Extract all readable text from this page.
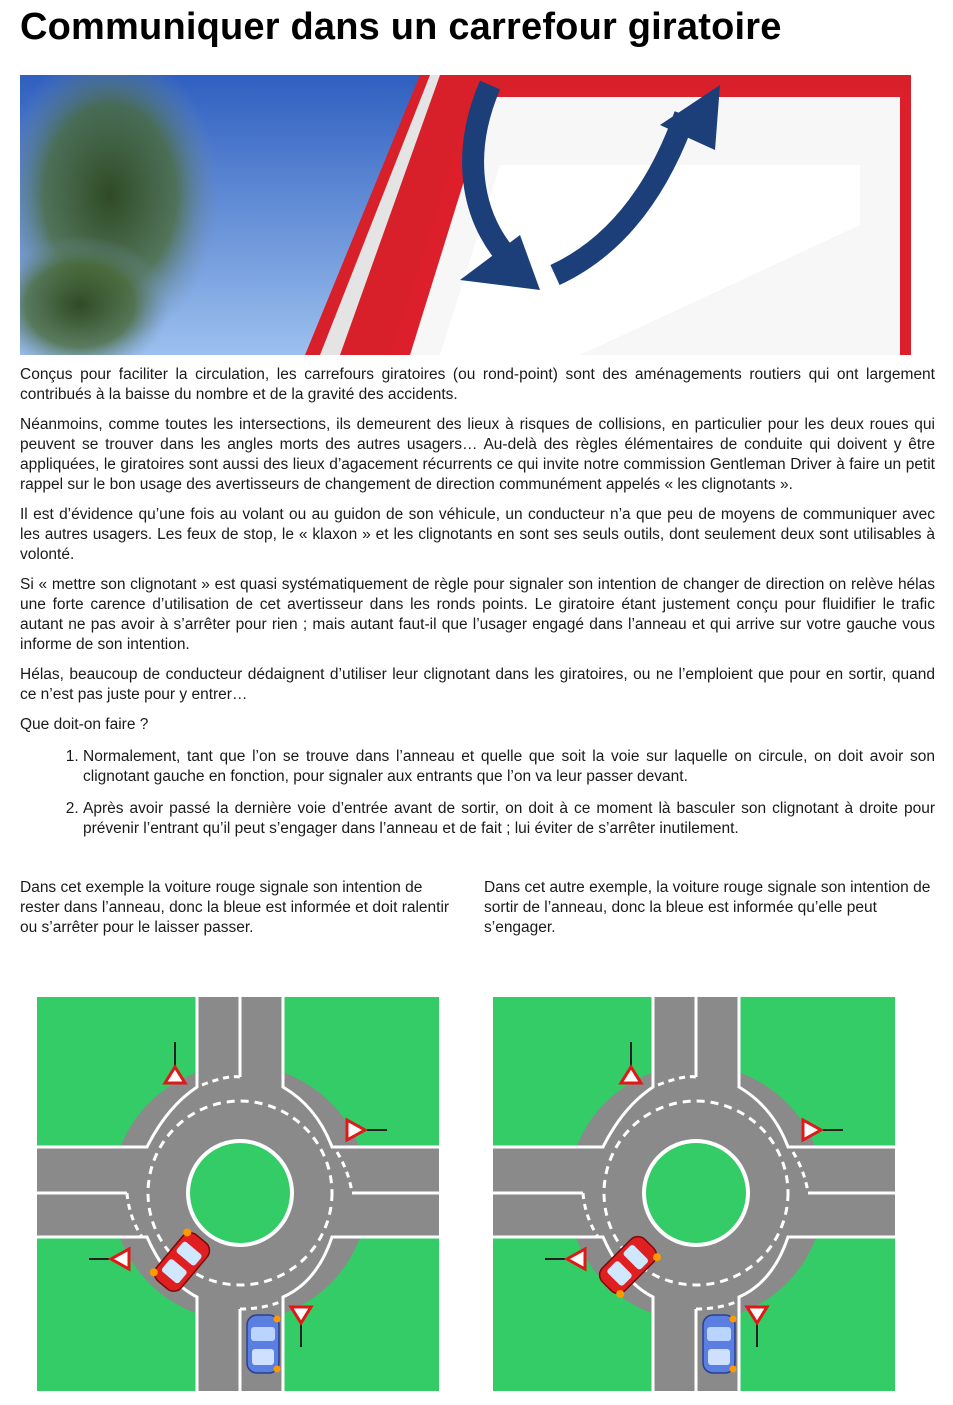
Communiquer dans un carrefour giratoire

Conçus pour faciliter la circulation, les carrefours giratoires (ou rond-point) sont des aménagements routiers qui ont largement contribués à la baisse du nombre et de la gravité des accidents.

Néanmoins, comme toutes les intersections, ils demeurent des lieux à risques de collisions, en particulier pour les deux roues qui peuvent se trouver dans les angles morts des autres usagers… Au-delà des règles élémentaires de conduite qui doivent y être appliquées, le giratoires sont aussi des lieux d’agacement récurrents ce qui invite notre commission Gentleman Driver à faire un petit rappel sur le bon usage des avertisseurs de changement de direction communément appelés « les clignotants ».

Il est d’évidence qu’une fois au volant ou au guidon de son véhicule, un conducteur n’a que peu de moyens de communiquer avec les autres usagers. Les feux de stop, le « klaxon » et les clignotants en sont ses seuls outils, dont seulement deux sont utilisables à volonté.

Si « mettre son clignotant » est quasi systématiquement de règle pour signaler son intention de changer de direction on relève hélas une forte carence d’utilisation de cet avertisseur dans les ronds points. Le giratoire étant justement conçu pour fluidifier le trafic autant ne pas avoir à s’arrêter pour rien ; mais autant faut-il que l’usager engagé dans l’anneau et qui arrive sur votre gauche vous informe de son intention.

Hélas, beaucoup de conducteur dédaignent d’utiliser leur clignotant dans les giratoires, ou ne l’emploient que pour en sortir, quand ce n’est pas juste pour y entrer…

Que doit-on faire ?

1. Normalement, tant que l’on se trouve dans l’anneau et quelle que soit la voie sur laquelle on circule, on doit avoir son clignotant gauche en fonction, pour signaler aux entrants que l’on va leur passer devant.
2. Après avoir passé la dernière voie d’entrée avant de sortir, on doit à ce moment là basculer son clignotant à droite pour prévenir l’entrant qu’il peut s’engager dans l’anneau et de fait ; lui éviter de s’arrêter inutilement.
Dans cet exemple la voiture rouge signale son intention de rester dans l’anneau, donc la bleue est informée et doit ralentir ou s’arrêter pour le laisser passer.
Dans cet autre exemple, la voiture rouge signale son intention de sortir de l’anneau, donc la bleue est informée qu’elle peut s’engager.
